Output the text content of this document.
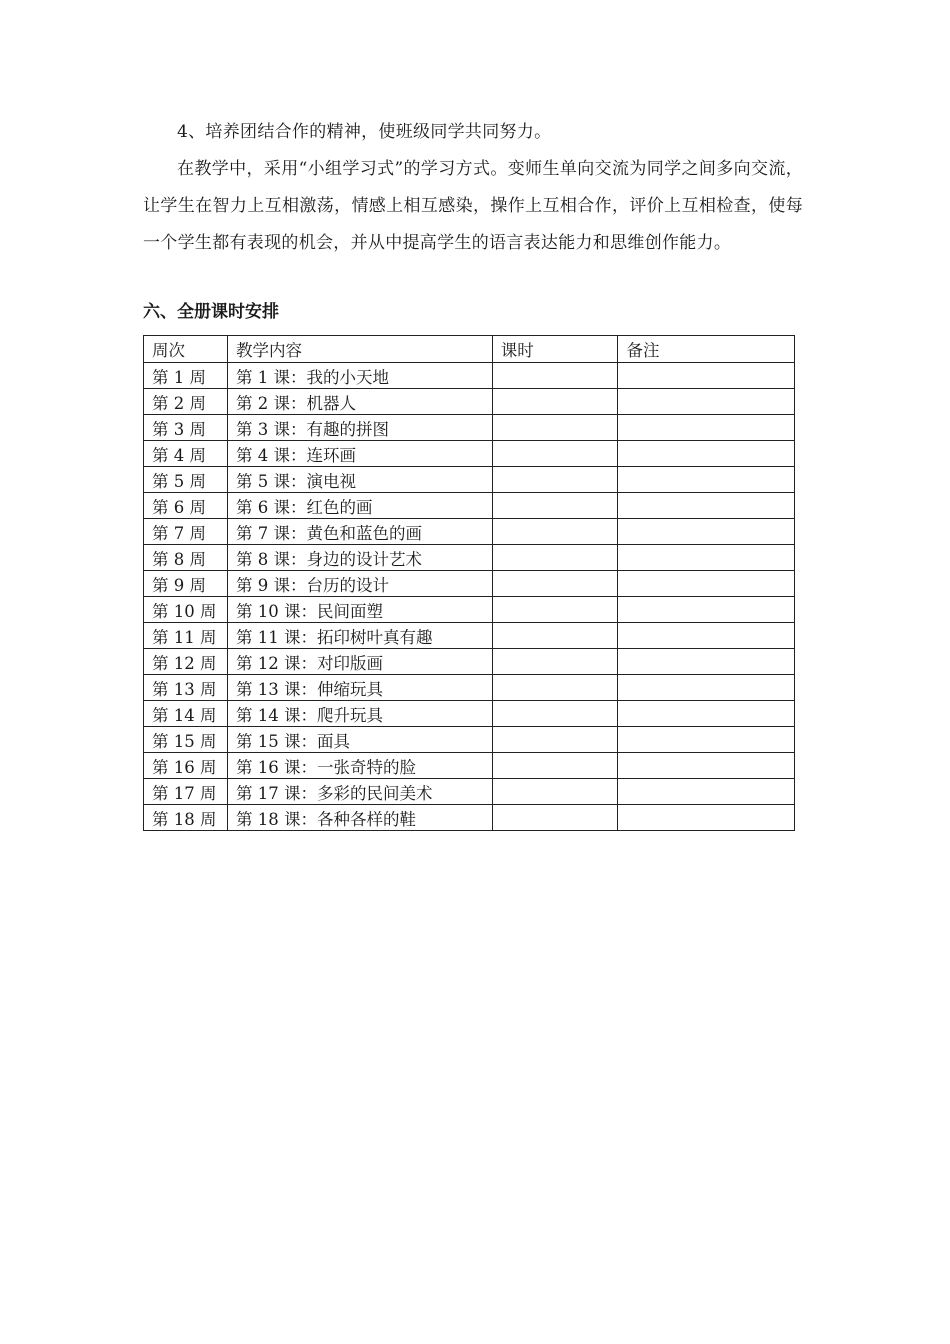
4、培养团结合作的精神，使班级同学共同努力。

在教学中，采用“小组学习式”的学习方式。变师生单向交流为同学之间多向交流，让学生在智力上互相激荡，情感上相互感染，操作上互相合作，评价上互相检查，使每一个学生都有表现的机会，并从中提高学生的语言表达能力和思维创作能力。

六、全册课时安排
周次	教学内容	课时	备注
第 1 周	第 1 课：我的小天地		
第 2 周	第 2 课：机器人		
第 3 周	第 3 课：有趣的拼图		
第 4 周	第 4 课：连环画		
第 5 周	第 5 课：演电视		
第 6 周	第 6 课：红色的画		
第 7 周	第 7 课：黄色和蓝色的画		
第 8 周	第 8 课：身边的设计艺术		
第 9 周	第 9 课：台历的设计		
第 10 周	第 10 课：民间面塑		
第 11 周	第 11 课：拓印树叶真有趣		
第 12 周	第 12 课：对印版画		
第 13 周	第 13 课：伸缩玩具		
第 14 周	第 14 课：爬升玩具		
第 15 周	第 15 课：面具		
第 16 周	第 16 课：一张奇特的脸		
第 17 周	第 17 课：多彩的民间美术		
第 18 周	第 18 课：各种各样的鞋		
